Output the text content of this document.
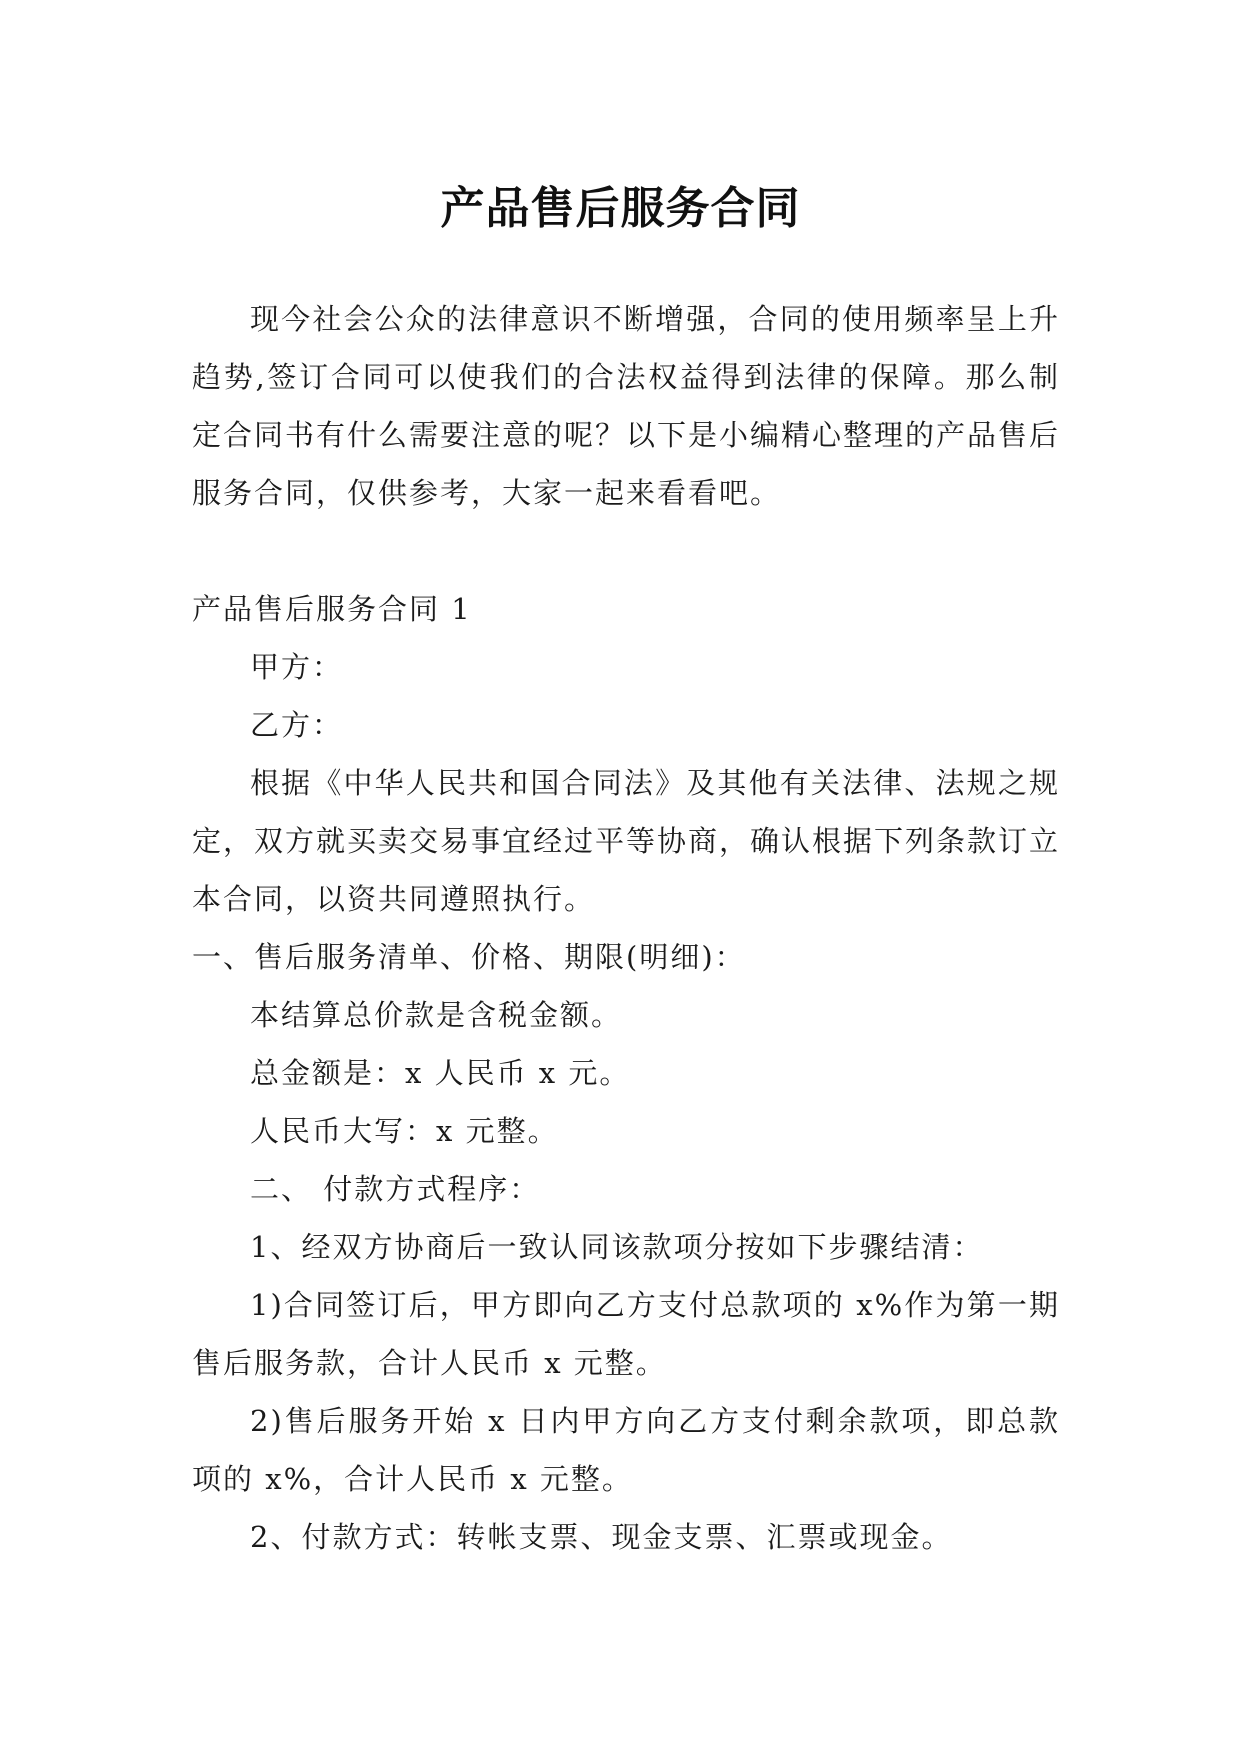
产品售后服务合同

现今社会公众的法律意识不断增强，合同的使用频率呈上升趋势,签订合同可以使我们的合法权益得到法律的保障。那么制定合同书有什么需要注意的呢？以下是小编精心整理的产品售后服务合同，仅供参考，大家一起来看看吧。

产品售后服务合同 1

甲方：

乙方：

根据《中华人民共和国合同法》及其他有关法律、法规之规定，双方就买卖交易事宜经过平等协商，确认根据下列条款订立本合同，以资共同遵照执行。

一、售后服务清单、价格、期限(明细)：

本结算总价款是含税金额。

总金额是：x 人民币 x 元。

人民币大写：x 元整。

二、 付款方式程序：

1、经双方协商后一致认同该款项分按如下步骤结清：

1)合同签订后，甲方即向乙方支付总款项的 x%作为第一期售后服务款，合计人民币 x 元整。

2)售后服务开始 x 日内甲方向乙方支付剩余款项，即总款项的 x%，合计人民币 x 元整。

2、付款方式：转帐支票、现金支票、汇票或现金。
